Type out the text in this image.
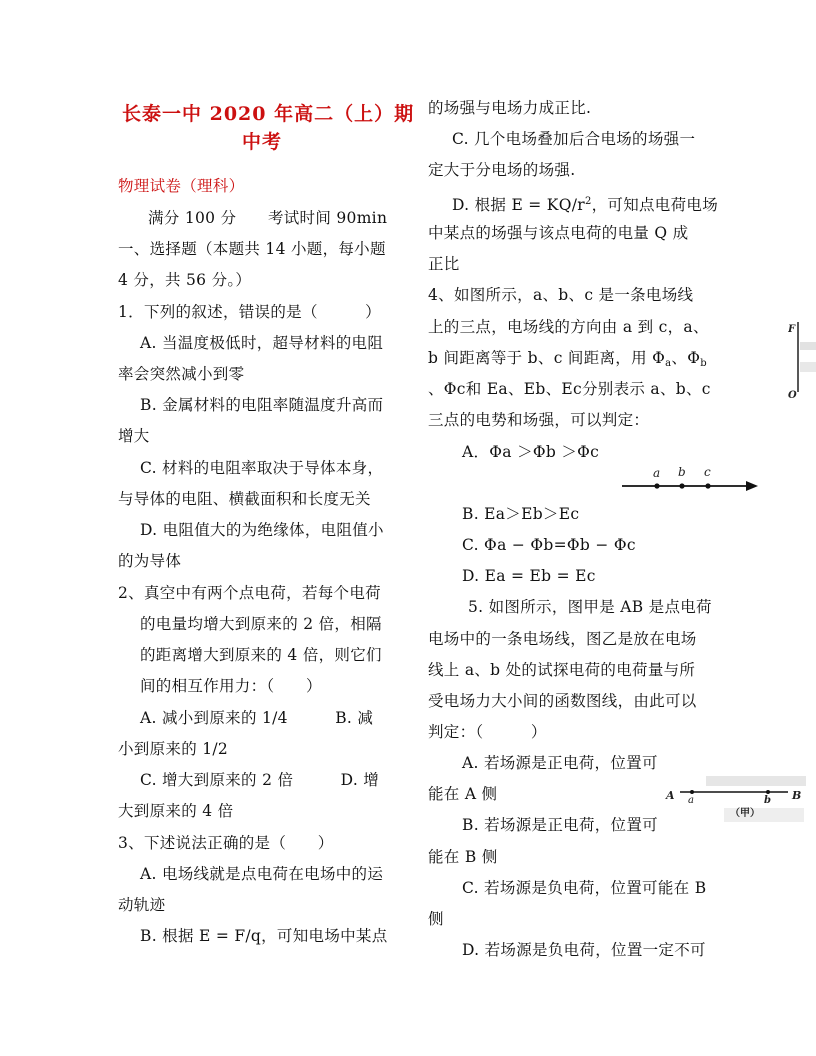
长泰一中 2020 年高二（上）期
中考
物理试卷（理科）
满分 100 分　　考试时间 90min
一、选择题（本题共 14 小题，每小题
4 分，共 56 分。）
1．下列的叙述，错误的是（　　　）
A. 当温度极低时，超导材料的电阻
率会突然减小到零
B. 金属材料的电阻率随温度升高而
增大
C. 材料的电阻率取决于导体本身，
与导体的电阻、横截面积和长度无关
D. 电阻值大的为绝缘体，电阻值小
的为导体
2、真空中有两个点电荷，若每个电荷
的电量均增大到原来的 2 倍，相隔
的距离增大到原来的 4 倍，则它们
间的相互作用力：（　　）
A. 减小到原来的 1/4　　　B. 减
小到原来的 1/2
C. 增大到原来的 2 倍　　　D. 增
大到原来的 4 倍
3、下述说法正确的是（　　）
A. 电场线就是点电荷在电场中的运
动轨迹
B. 根据 E = F/q，可知电场中某点
的场强与电场力成正比.
C. 几个电场叠加后合电场的场强一
定大于分电场的场强.
D. 根据 $E = KQ/r^2$，可知点电荷电场
中某点的场强与该点电荷的电量 Q 成
正比
4、如图所示，a、b、c 是一条电场线
上的三点，电场线的方向由 a 到 c，a、
b 间距离等于 b、c 间距离，用 $\Phi_a$、$\Phi_b$
、Φc和 Ea、Eb、Ec分别表示 a、b、c
三点的电势和场强，可以判定：
A．Φa ＞Φb ＞Φc
B. Ea＞Eb＞Ec
C. Φa − Φb=Φb − Φc
D. Ea = Eb = Ec
5. 如图所示，图甲是 AB 是点电荷
电场中的一条电场线，图乙是放在电场
线上 a、b 处的试探电荷的电荷量与所
受电场力大小间的函数图线，由此可以
判定：（　　　）
A. 若场源是正电荷，位置可
能在 A 侧
B. 若场源是正电荷，位置可
能在 B 侧
C. 若场源是负电荷，位置可能在 B
侧
D. 若场源是负电荷，位置一定不可
a b c
A a	b B
（甲）
F
O
